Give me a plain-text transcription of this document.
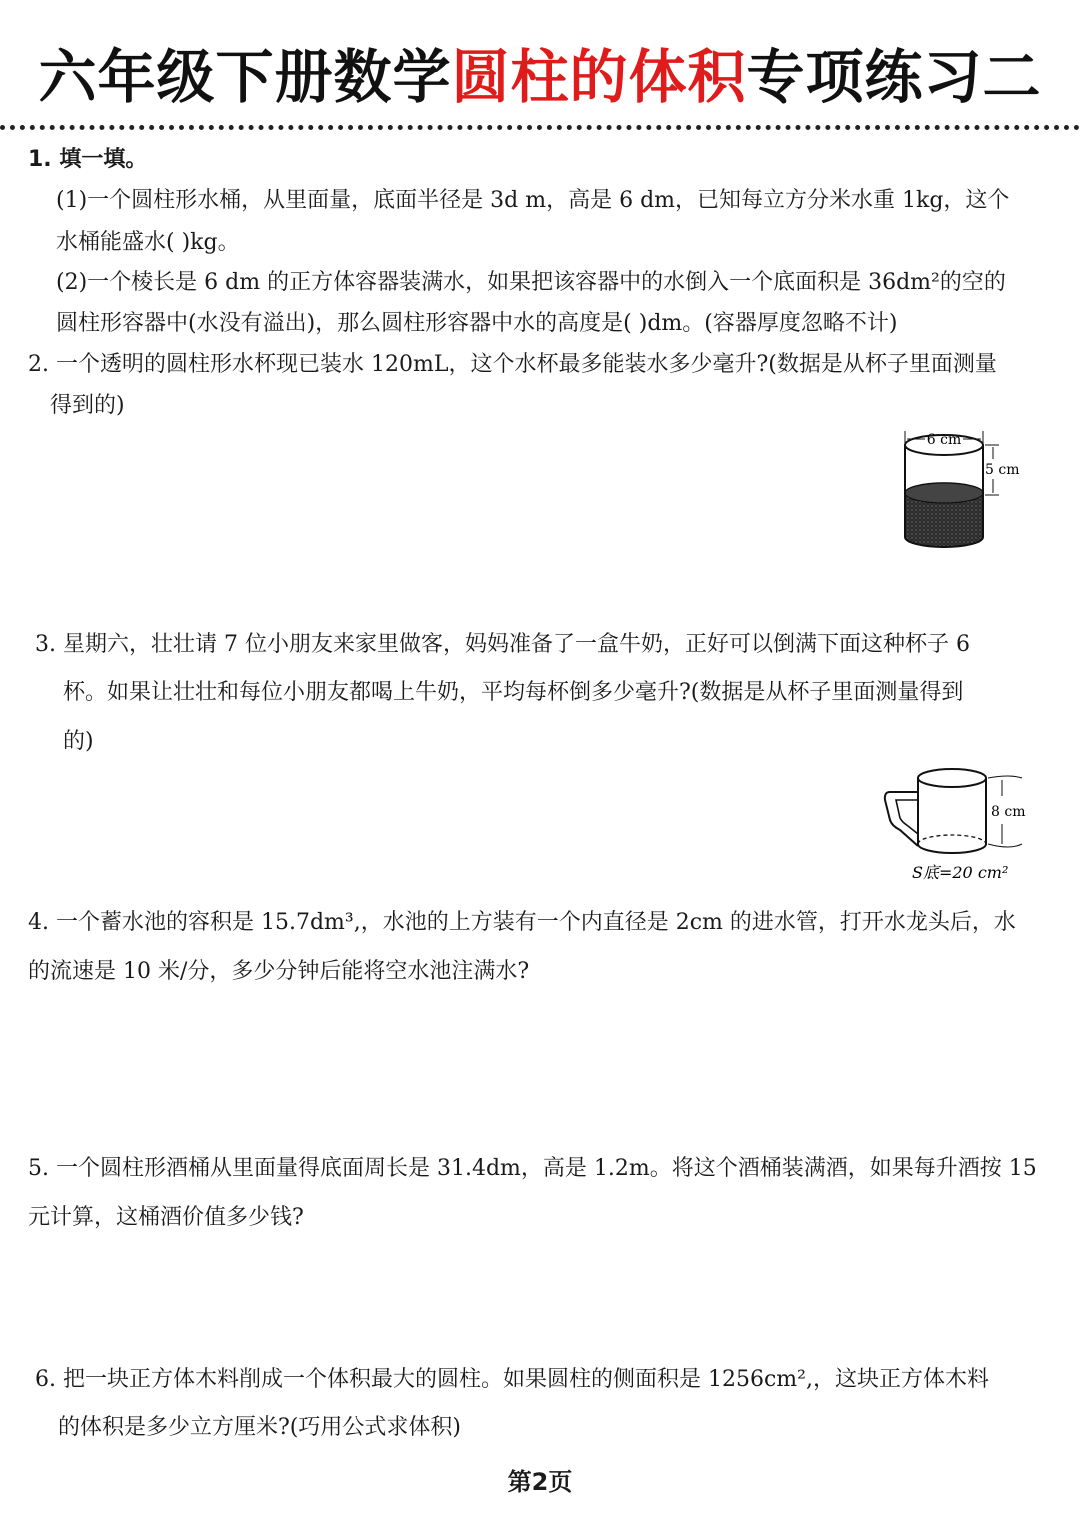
六年级下册数学圆柱的体积专项练习二
1. 填一填。
(1)一个圆柱形水桶，从里面量，底面半径是 3d m，高是 6 dm，已知每立方分米水重 1kg，这个
水桶能盛水( )kg。
(2)一个棱长是 6 dm 的正方体容器装满水，如果把该容器中的水倒入一个底面积是 36dm²的空的
圆柱形容器中(水没有溢出)，那么圆柱形容器中水的高度是( )dm。(容器厚度忽略不计)
2. 一个透明的圆柱形水杯现已装水 120mL，这个水杯最多能装水多少毫升?(数据是从杯子里面测量
得到的)
6 cm
5 cm
3. 星期六，壮壮请 7 位小朋友来家里做客，妈妈准备了一盒牛奶，正好可以倒满下面这种杯子 6
杯。如果让壮壮和每位小朋友都喝上牛奶，平均每杯倒多少毫升?(数据是从杯子里面测量得到
的)
8 cm
S底=20 cm²
4. 一个蓄水池的容积是 15.7dm³,，水池的上方装有一个内直径是 2cm 的进水管，打开水龙头后，水
的流速是 10 米/分，多少分钟后能将空水池注满水?
5. 一个圆柱形酒桶从里面量得底面周长是 31.4dm，高是 1.2m。将这个酒桶装满酒，如果每升酒按 15
元计算，这桶酒价值多少钱?
6. 把一块正方体木料削成一个体积最大的圆柱。如果圆柱的侧面积是 1256cm²,，这块正方体木料
的体积是多少立方厘米?(巧用公式求体积)
第2页
